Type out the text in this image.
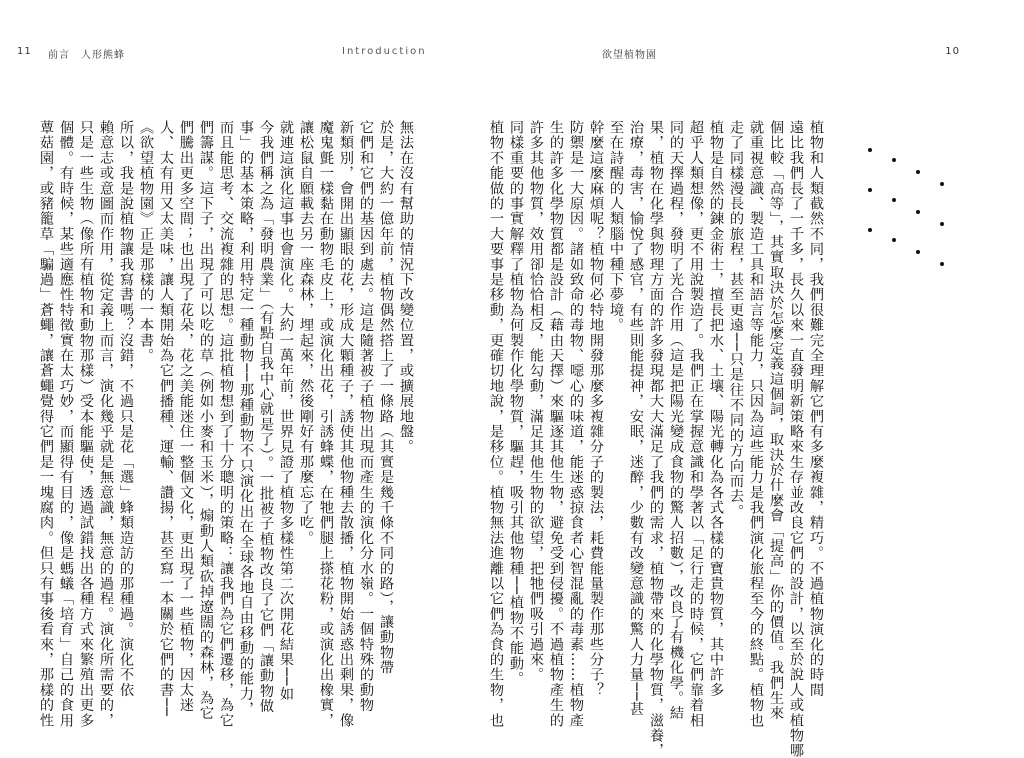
11 前言　人形熊蜂	Introduction	欲望植物園	10

無法在沒有幫助的情況下改變位置，或擴展地盤。

於是，大約一億年前，植物偶然搭上了一條路（其實是幾千條不同的路），讓動物帶

它們和它們的基因到處去。這是隨著被子植物出現而產生的演化分水嶺。一個特殊的動物

新類別，會開出顯眼的花，形成大顆種子，誘使其他物種去散播，植物開始誘惑出剩果，像

魔鬼氈一樣黏在動物毛皮上，或演化出花，引誘蜂蝶，在牠們腿上搽花粉，或演化出橡實，

讓松鼠自願載去另一座森林，埋起來，然後剛好有那麼忘了吃。

就連這演化這事也會演化。大約一萬年前，世界見證了植物多樣性第二次開花結果──如

今我們稱之為「發明農業」（有點自我中心就是了）。一批被子植物改良了它們「讓動物做

事」的基本策略，利用特定一種動物──那種動物不只演化出在全球各地自由移動的能力，

而且能思考、交流複雜的思想。這批植物想到了十分聰明的策略：讓我們為它們遷移，為它

們籌謀。這下子，出現了可以吃的草（例如小麥和玉米），煽動人類砍掉遼闊的森林，為它

們騰出更多空間；也出現了花朵，花之美能迷住一整個文化，更出現了一些植物，因太迷

人、太有用又太美味，讓人類開始為它們播種、運輸、讚揚，甚至寫一本關於它們的書──

《欲望植物園》正是那樣的一本書。

所以，我是說植物讓我寫書嗎？沒錯，不過只是花「選」蜂類造訪的那種過。演化不依

賴意志或意圖而作用，從定義上而言，演化幾乎就是無意識，無意的過程。演化所需要的，

只是一些生物（像所有植物和動物那樣）受本能驅使，透過試錯找出各種方式來繁殖出更多

個體。有時候，某些適應性特徵實在太巧妙，而顯得有目的，像是螞蟻「培育」自己的食用

蕈菇園，或豬籠草「騙過」蒼蠅，讓蒼蠅覺得它們是一塊腐肉。但只有事後看來，那樣的性	植物和人類截然不同，我們很難完全理解它們有多麼複雜，精巧。不過植物演化的時間

遠比我們長了一千多，長久以來一直發明新策略來生存並改良它們的設計，以至於說人或植物哪

個比較「高等」，其實取決於怎麼定義這個詞，取決於什麼會「提高」你的價值。我們生來

就重視意識、製造工具和語言等能力，只因為這些能力是我們演化旅程至今的終點。植物也

走了同樣漫長的旅程，甚至更遠──只是往不同的方向而去。

植物是自然的鍊金術士，擅長把水、土壤、陽光轉化為各式各樣的寶貴物質，其中許多

超乎人類想像，更不用說製造了。我們正在掌握意識和學著以「足行走的時候，它們靠着相

同的天擇過程，發明了光合作用（這是把陽光變成食物的驚人招數），改良了有機化學。結

果，植物在化學與物理方面的許多發現都大大滿足了我們的需求，植物帶來的化學物質，滋養，

治療，毒害，愉悅了感官，有些則能提神，安眠，迷醉，少數有改變意識的驚人力量──甚

至在詩醒的人類腦中種下夢境。

幹麼這麼麻煩呢？植物何必特地開發那麼多複雜分子的製法，耗費能量製作那些分子？

防禦是一大原因。諸如致命的毒物、噁心的味道，能迷惑掠食者心智混亂的毒素……植物產

生的許多化學物質都是設計（藉由天擇）來驅逐其他生物，避免受到侵擾。不過植物產生的

許多其他物質，效用卻恰恰相反，能勾動，滿足其他生物的欲望，把牠們吸引過來。

同樣重要的事實解釋了植物為何製作化學物質，驅趕，吸引其他物種──植物不能動。

植物不能做的一大要事是移動，更確切地說，是移位。植物無法進離以它們為食的生物，也
